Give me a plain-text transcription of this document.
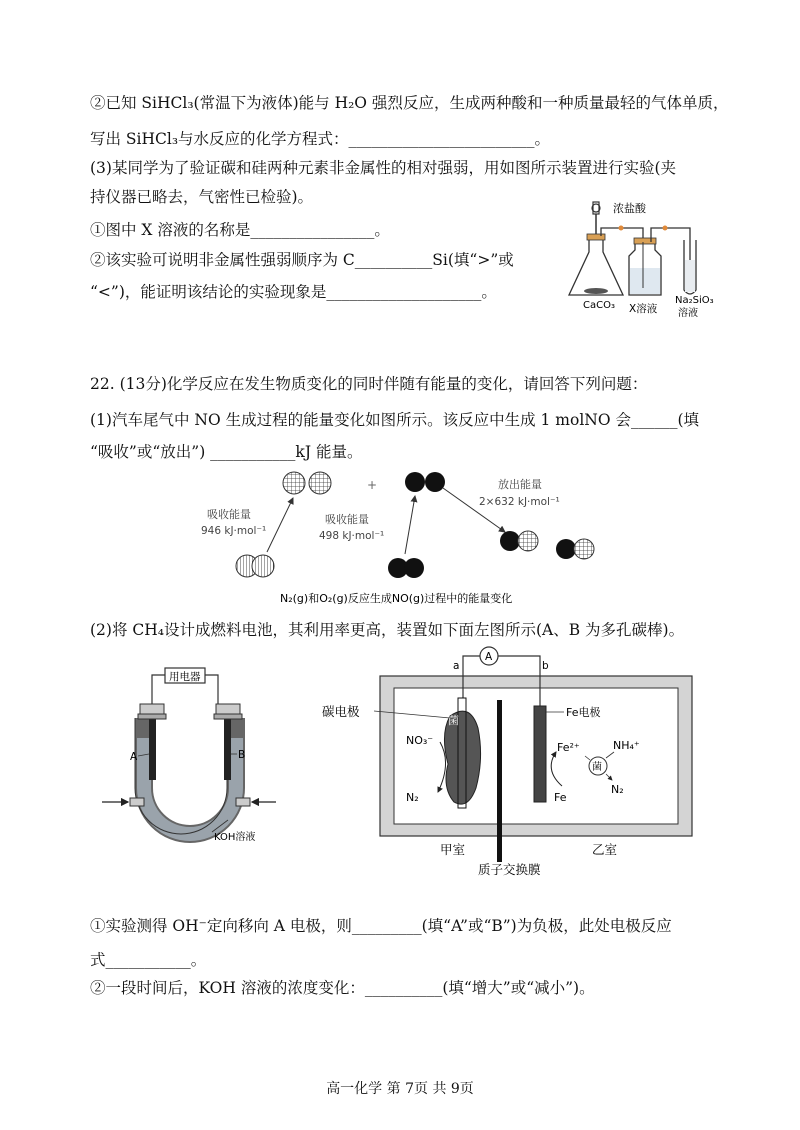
②已知 SiHCl₃(常温下为液体)能与 H₂O 强烈反应，生成两种酸和一种质量最轻的气体单质，
写出 SiHCl₃与水反应的化学方程式：________________________。
(3)某同学为了验证碳和硅两种元素非金属性的相对强弱，用如图所示装置进行实验(夹
持仪器已略去，气密性已检验)。
①图中 X 溶液的名称是________________。
②该实验可说明非金属性强弱顺序为 C__________Si(填“>”或
“<”)，能证明该结论的实验现象是____________________。
浓盐酸
CaCO₃ X溶液
Na₂SiO₃
溶液
22. (13分)化学反应在发生物质变化的同时伴随有能量的变化，请回答下列问题：
(1)汽车尾气中 NO 生成过程的能量变化如图所示。该反应中生成 1 molNO 会______(填
“吸收”或“放出”) ___________kJ 能量。
+
吸收能量
946 kJ·mol⁻¹
吸收能量
498 kJ·mol⁻¹
放出能量
2×632 kJ·mol⁻¹
N₂(g)和O₂(g)反应生成NO(g)过程中的能量变化
(2)将 CH₄设计成燃料电池，其利用率更高，装置如下面左图所示(A、B 为多孔碳棒)。
用电器
A	B
KOH溶液
A
a	b
碳电极
菌
Fe电极
NO₃⁻
N₂
Fe²⁺
Fe
菌
NH₄⁺
N₂
甲室	乙室
质子交换膜
①实验测得 OH⁻定向移向 A 电极，则_________(填“A”或“B”)为负极，此处电极反应
式___________。
②一段时间后，KOH 溶液的浓度变化：__________(填“增大”或“减小”)。
高一化学 第 7页 共 9页
